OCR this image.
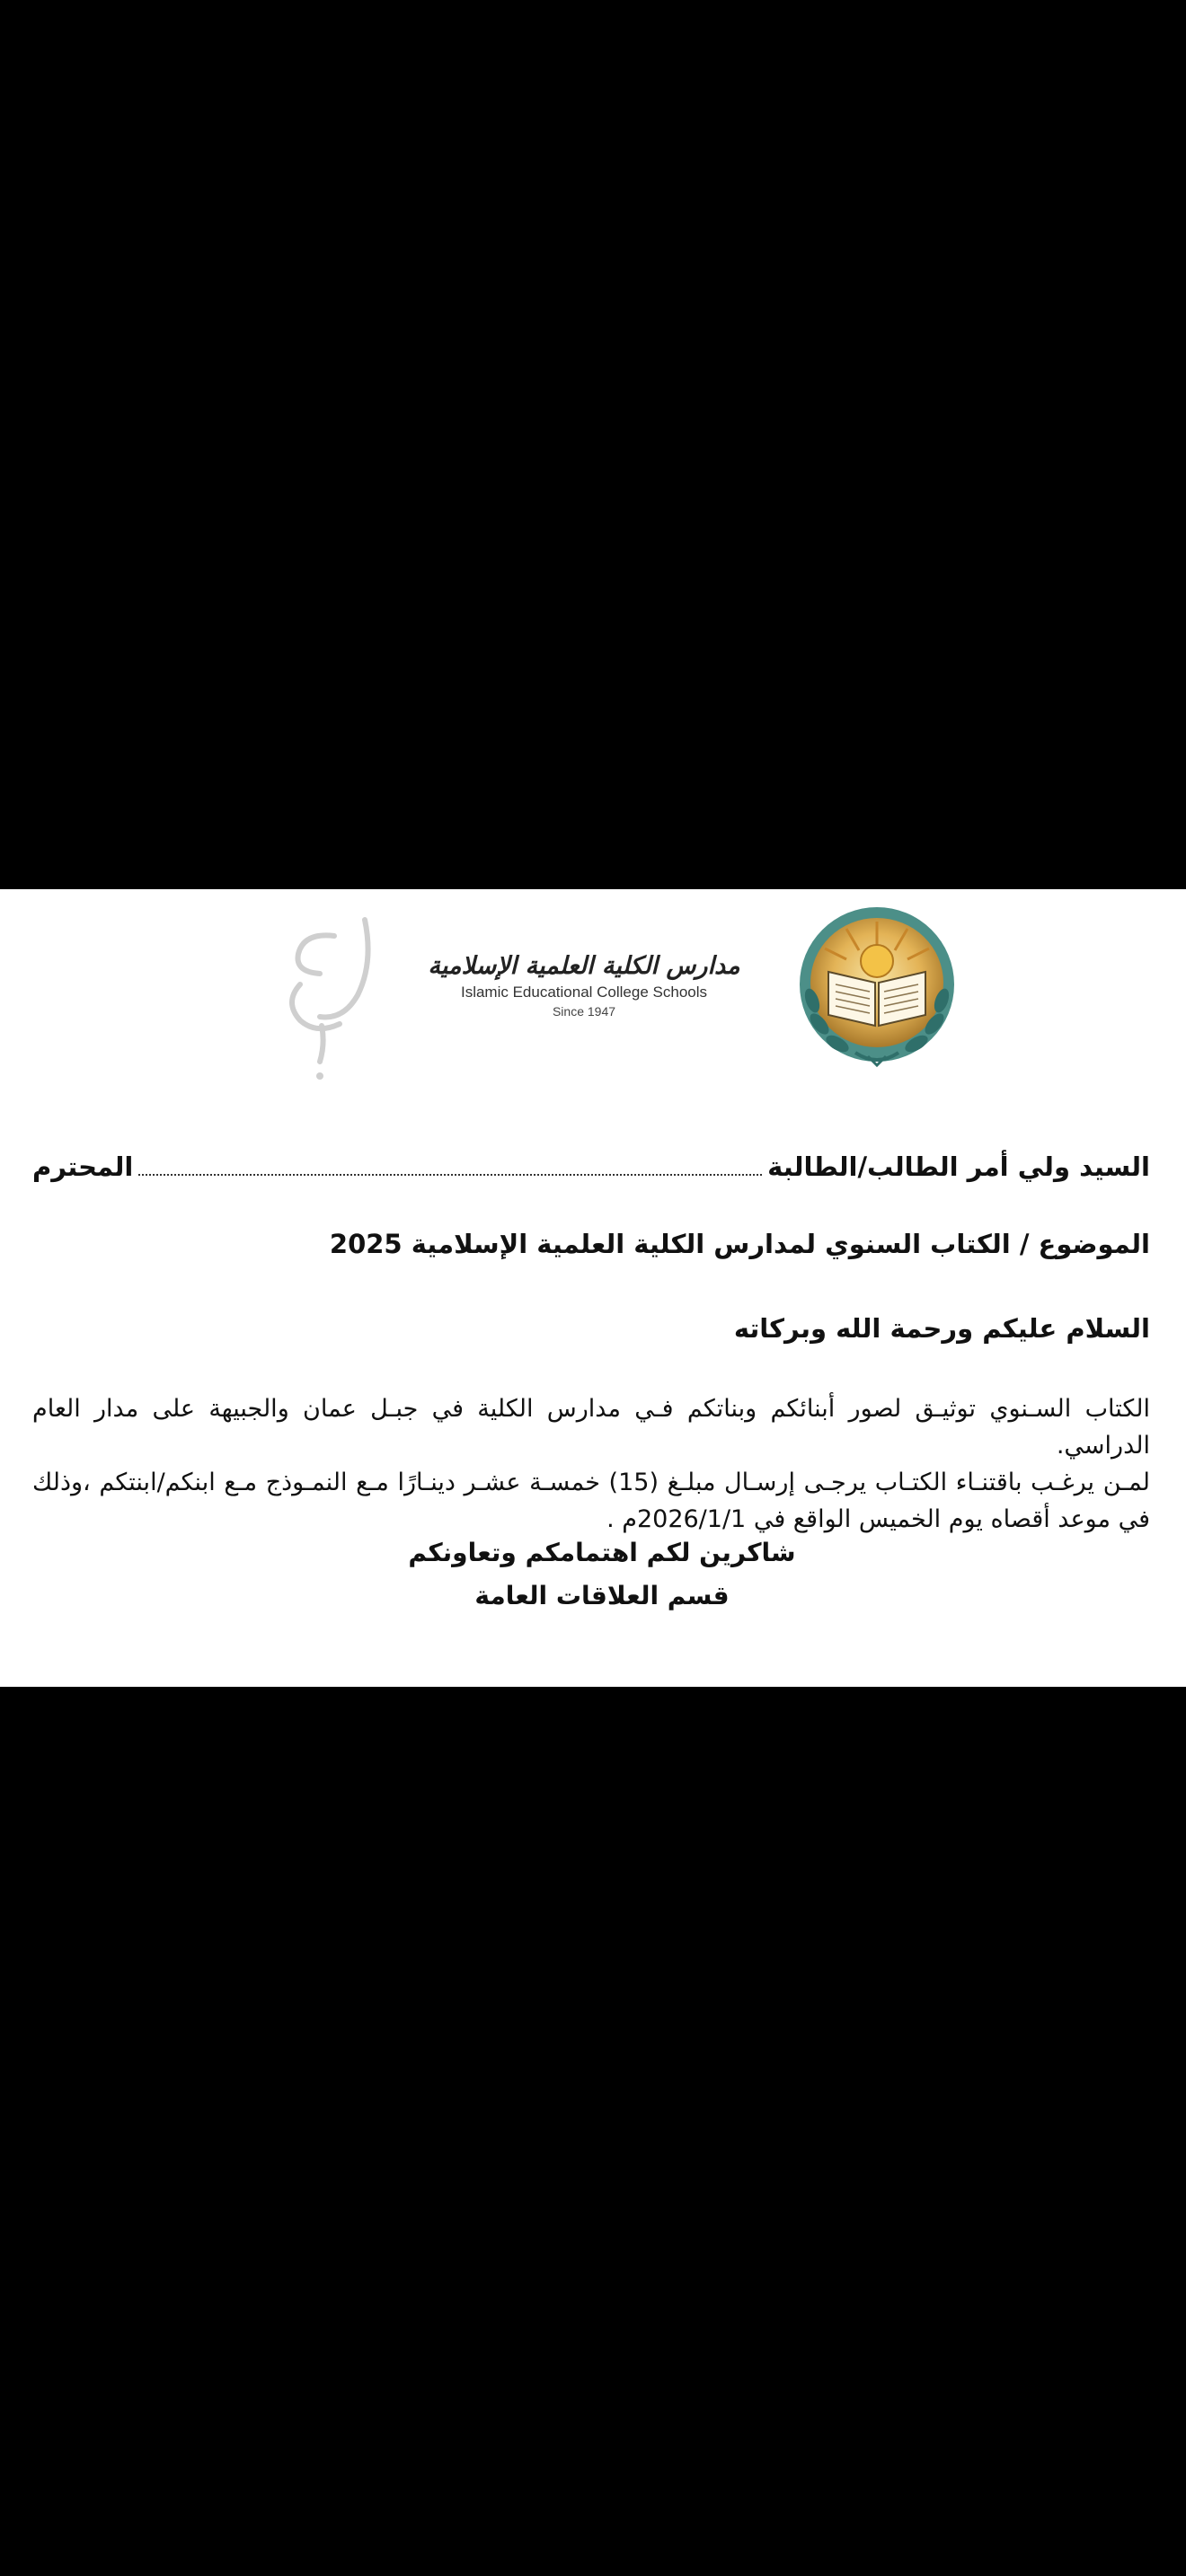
مدارس الكلية العلمية الإسلامية
Islamic Educational College Schools
Since 1947
ك ع
السيد ولي أمر الطالب/الطالبة
المحترم
الموضوع / الكتاب السنوي لمدارس الكلية العلمية الإسلامية 2025
السلام عليكم ورحمة الله وبركاته

الكتاب السـنوي توثيـق لصور أبنائكم وبناتكم فـي مدارس الكلية في جبـل عمان والجبيهة على مدار العام الدراسي.

لمـن يرغـب باقتنـاء الكتـاب يرجـى إرسـال مبلـغ (15) خمسـة عشـر دينـارًا مـع النمـوذج مـع ابنكم/ابنتكم ،وذلك في موعد أقصاه يوم الخميس الواقع في 2026/1/1م .

شاكرين لكم اهتمامكم وتعاونكم
قسم العلاقات العامة
